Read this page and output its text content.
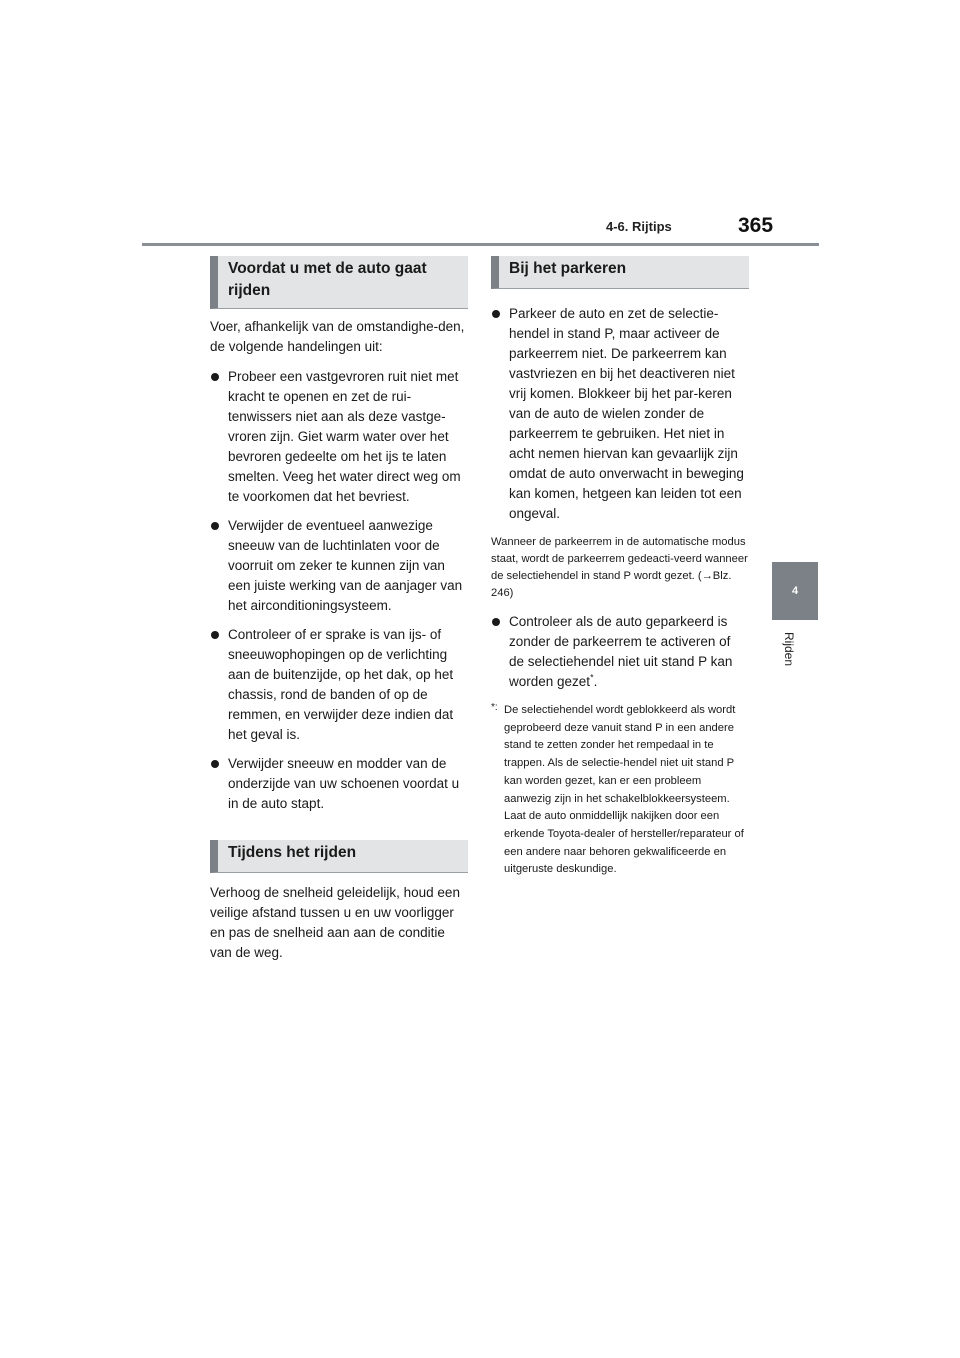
4-6. Rijtips	365
4
Rijden
Voordat u met de auto gaat
rijden

Voer, afhankelijk van de omstandighe-den, de volgende handelingen uit:

Probeer een vastgevroren ruit niet met kracht te openen en zet de rui-tenwissers niet aan als deze vastge-vroren zijn. Giet warm water over het bevroren gedeelte om het ijs te laten smelten. Veeg het water direct weg om te voorkomen dat het bevriest.
Verwijder de eventueel aanwezige sneeuw van de luchtinlaten voor de voorruit om zeker te kunnen zijn van een juiste werking van de aanjager van het airconditioningsysteem.
Controleer of er sprake is van ijs- of sneeuwophopingen op de verlichting aan de buitenzijde, op het dak, op het chassis, rond de banden of op de remmen, en verwijder deze indien dat het geval is.
Verwijder sneeuw en modder van de onderzijde van uw schoenen voordat u in de auto stapt.
Tijdens het rijden

Verhoog de snelheid geleidelijk, houd een veilige afstand tussen u en uw voorligger en pas de snelheid aan aan de conditie van de weg.

Bij het parkeren
Parkeer de auto en zet de selectie-hendel in stand P, maar activeer de parkeerrem niet. De parkeerrem kan vastvriezen en bij het deactiveren niet vrij komen. Blokkeer bij het par-keren van de auto de wielen zonder de parkeerrem te gebruiken. Het niet in acht nemen hiervan kan gevaarlijk zijn omdat de auto onverwacht in beweging kan komen, hetgeen kan leiden tot een ongeval.

Wanneer de parkeerrem in de automatische modus staat, wordt de parkeerrem gedeacti-veerd wanneer de selectiehendel in stand P wordt gezet. (→Blz. 246)

Controleer als de auto geparkeerd is zonder de parkeerrem te activeren of de selectiehendel niet uit stand P kan worden gezet*.
*: De selectiehendel wordt geblokkeerd als wordt geprobeerd deze vanuit stand P in een andere stand te zetten zonder het rempedaal in te trappen. Als de selectie-hendel niet uit stand P kan worden gezet, kan er een probleem aanwezig zijn in het schakelblokkeersysteem. Laat de auto onmiddellijk nakijken door een erkende Toyota-dealer of hersteller/reparateur of een andere naar behoren gekwalificeerde en uitgeruste deskundige.
